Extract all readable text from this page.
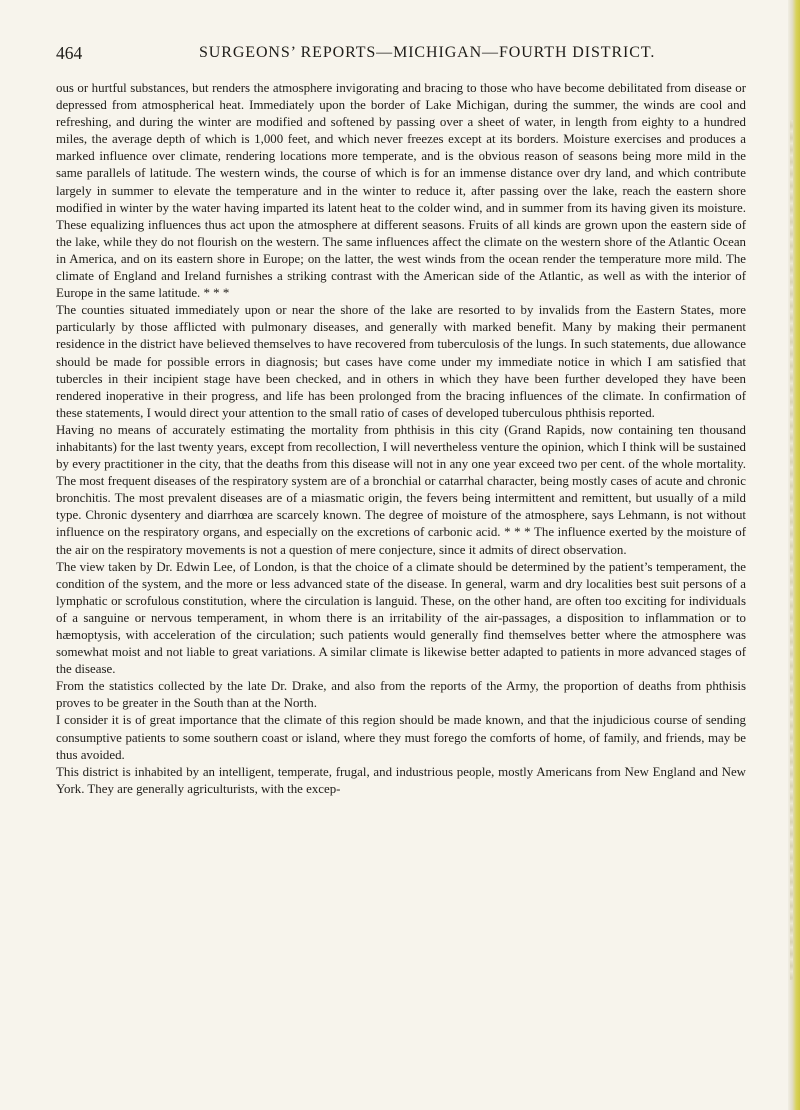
464	SURGEONS’ REPORTS—MICHIGAN—FOURTH DISTRICT.

ous or hurtful substances, but renders the atmosphere invigorating and bracing to those who have become debilitated from disease or depressed from atmospherical heat. Immediately upon the border of Lake Michigan, during the summer, the winds are cool and refreshing, and during the winter are modified and softened by passing over a sheet of water, in length from eighty to a hundred miles, the average depth of which is 1,000 feet, and which never freezes except at its borders. Moisture exercises and produces a marked influence over climate, rendering locations more temperate, and is the obvious reason of seasons being more mild in the same parallels of latitude. The western winds, the course of which is for an immense distance over dry land, and which contribute largely in summer to elevate the temperature and in the winter to reduce it, after passing over the lake, reach the eastern shore modified in winter by the water having imparted its latent heat to the colder wind, and in summer from its having given its moisture. These equalizing influences thus act upon the atmosphere at different seasons. Fruits of all kinds are grown upon the eastern side of the lake, while they do not flourish on the western. The same influences affect the climate on the western shore of the Atlantic Ocean in America, and on its eastern shore in Europe; on the latter, the west winds from the ocean render the temperature more mild. The climate of England and Ireland furnishes a striking contrast with the American side of the Atlantic, as well as with the interior of Europe in the same latitude. * * *

The counties situated immediately upon or near the shore of the lake are resorted to by invalids from the Eastern States, more particularly by those afflicted with pulmonary diseases, and generally with marked benefit. Many by making their permanent residence in the district have believed themselves to have recovered from tuberculosis of the lungs. In such statements, due allowance should be made for possible errors in diagnosis; but cases have come under my immediate notice in which I am satisfied that tubercles in their incipient stage have been checked, and in others in which they have been further developed they have been rendered inoperative in their progress, and life has been prolonged from the bracing influences of the climate. In confirmation of these statements, I would direct your attention to the small ratio of cases of developed tuberculous phthisis reported.

Having no means of accurately estimating the mortality from phthisis in this city (Grand Rapids, now containing ten thousand inhabitants) for the last twenty years, except from recollection, I will nevertheless venture the opinion, which I think will be sustained by every practitioner in the city, that the deaths from this disease will not in any one year exceed two per cent. of the whole mortality. The most frequent diseases of the respiratory system are of a bronchial or catarrhal character, being mostly cases of acute and chronic bronchitis. The most prevalent diseases are of a miasmatic origin, the fevers being intermittent and remittent, but usually of a mild type. Chronic dysentery and diarrhœa are scarcely known. The degree of moisture of the atmosphere, says Lehmann, is not without influence on the respiratory organs, and especially on the excretions of carbonic acid. * * * The influence exerted by the moisture of the air on the respiratory movements is not a question of mere conjecture, since it admits of direct observation.

The view taken by Dr. Edwin Lee, of London, is that the choice of a climate should be determined by the patient’s temperament, the condition of the system, and the more or less advanced state of the disease. In general, warm and dry localities best suit persons of a lymphatic or scrofulous constitution, where the circulation is languid. These, on the other hand, are often too exciting for individuals of a sanguine or nervous temperament, in whom there is an irritability of the air-passages, a disposition to inflammation or to hæmoptysis, with acceleration of the circulation; such patients would generally find themselves better where the atmosphere was somewhat moist and not liable to great variations. A similar climate is likewise better adapted to patients in more advanced stages of the disease.

From the statistics collected by the late Dr. Drake, and also from the reports of the Army, the proportion of deaths from phthisis proves to be greater in the South than at the North.

I consider it is of great importance that the climate of this region should be made known, and that the injudicious course of sending consumptive patients to some southern coast or island, where they must forego the comforts of home, of family, and friends, may be thus avoided.

This district is inhabited by an intelligent, temperate, frugal, and industrious people, mostly Americans from New England and New York. They are generally agriculturists, with the excep-
